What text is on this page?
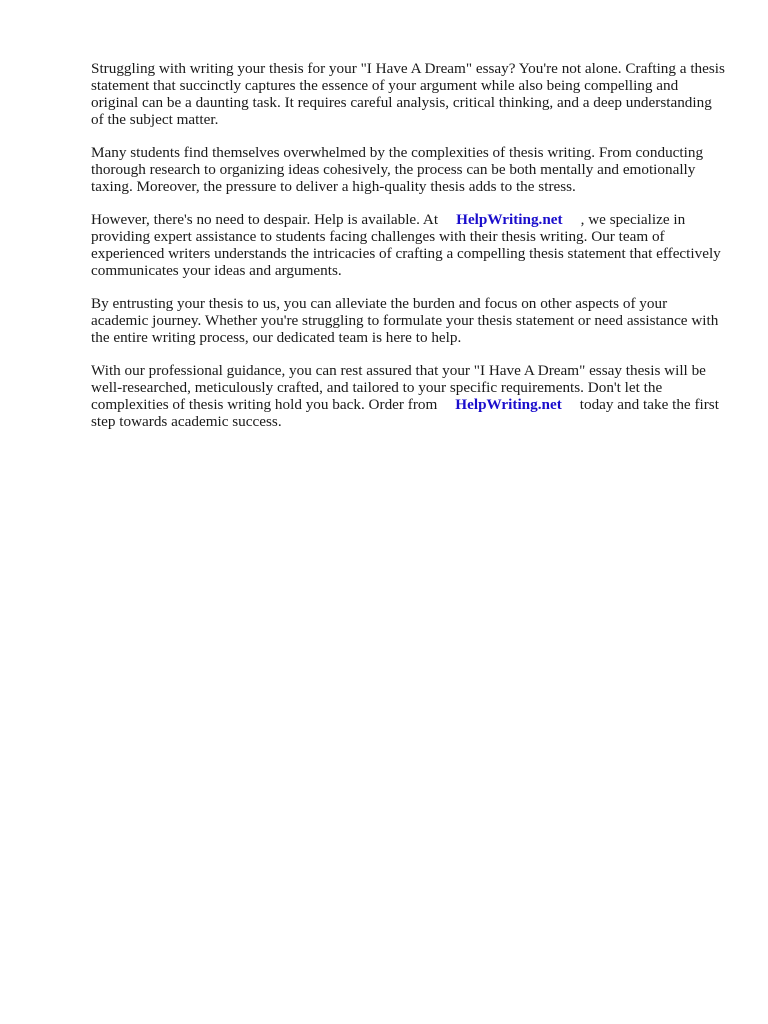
Struggling with writing your thesis for your "I Have A Dream" essay? You're not alone. Crafting a thesis statement that succinctly captures the essence of your argument while also being compelling and original can be a daunting task. It requires careful analysis, critical thinking, and a deep understanding of the subject matter.

Many students find themselves overwhelmed by the complexities of thesis writing. From conducting thorough research to organizing ideas cohesively, the process can be both mentally and emotionally taxing. Moreover, the pressure to deliver a high-quality thesis adds to the stress.

However, there's no need to despair. Help is available. At HelpWriting.net , we specialize in providing expert assistance to students facing challenges with their thesis writing. Our team of experienced writers understands the intricacies of crafting a compelling thesis statement that effectively communicates your ideas and arguments.

By entrusting your thesis to us, you can alleviate the burden and focus on other aspects of your academic journey. Whether you're struggling to formulate your thesis statement or need assistance with the entire writing process, our dedicated team is here to help.

With our professional guidance, you can rest assured that your "I Have A Dream" essay thesis will be well-researched, meticulously crafted, and tailored to your specific requirements. Don't let the complexities of thesis writing hold you back. Order from HelpWriting.net today and take the first step towards academic success.
